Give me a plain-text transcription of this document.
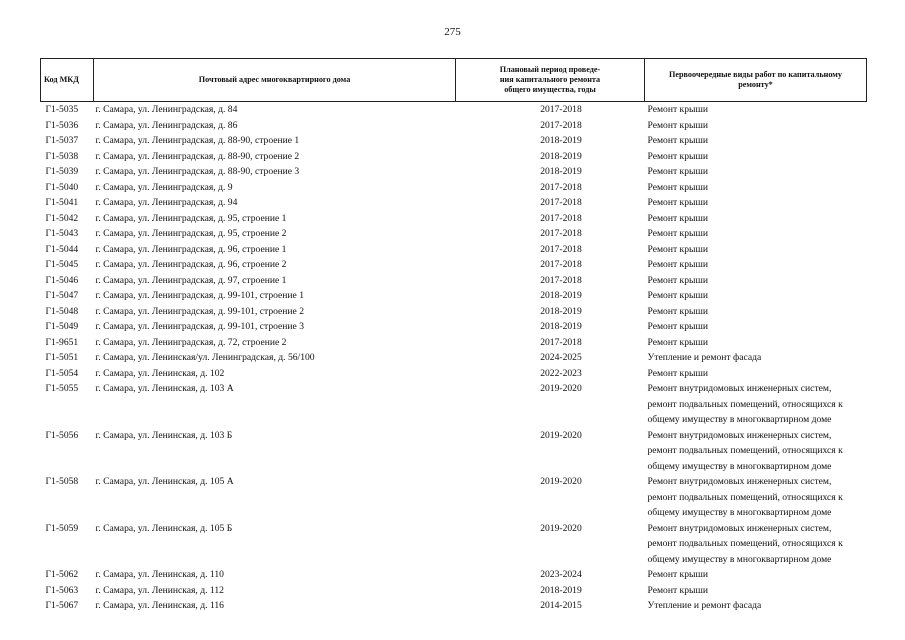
275
Код МКД	Почтовый адрес многоквартирного дома	Плановый период проведе-
ния капитального ремонта
общего имущества, годы	Первоочередные виды работ по капитальному
ремонту*
Г1-5035	г. Самара, ул. Ленинградская, д. 84	2017-2018	Ремонт крыши

Г1-5036	г. Самара, ул. Ленинградская, д. 86	2017-2018	Ремонт крыши

Г1-5037	г. Самара, ул. Ленинградская, д. 88-90, строение 1	2018-2019	Ремонт крыши

Г1-5038	г. Самара, ул. Ленинградская, д. 88-90, строение 2	2018-2019	Ремонт крыши

Г1-5039	г. Самара, ул. Ленинградская, д. 88-90, строение 3	2018-2019	Ремонт крыши

Г1-5040	г. Самара, ул. Ленинградская, д. 9	2017-2018	Ремонт крыши

Г1-5041	г. Самара, ул. Ленинградская, д. 94	2017-2018	Ремонт крыши

Г1-5042	г. Самара, ул. Ленинградская, д. 95, строение 1	2017-2018	Ремонт крыши

Г1-5043	г. Самара, ул. Ленинградская, д. 95, строение 2	2017-2018	Ремонт крыши

Г1-5044	г. Самара, ул. Ленинградская, д. 96, строение 1	2017-2018	Ремонт крыши

Г1-5045	г. Самара, ул. Ленинградская, д. 96, строение 2	2017-2018	Ремонт крыши

Г1-5046	г. Самара, ул. Ленинградская, д. 97, строение 1	2017-2018	Ремонт крыши

Г1-5047	г. Самара, ул. Ленинградская, д. 99-101, строение 1	2018-2019	Ремонт крыши

Г1-5048	г. Самара, ул. Ленинградская, д. 99-101, строение 2	2018-2019	Ремонт крыши

Г1-5049	г. Самара, ул. Ленинградская, д. 99-101, строение 3	2018-2019	Ремонт крыши

Г1-9651	г. Самара, ул. Ленинградская, д. 72, строение 2	2017-2018	Ремонт крыши

Г1-5051	г. Самара, ул. Ленинская/ул. Ленинградская, д. 56/100	2024-2025	Утепление и ремонт фасада

Г1-5054	г. Самара, ул. Ленинская, д. 102	2022-2023	Ремонт крыши

Г1-5055	г. Самара, ул. Ленинская, д. 103 А	2019-2020	Ремонт внутридомовых инженерных систем,
ремонт подвальных помещений, относящихся к
общему имуществу в многоквартирном доме

Г1-5056	г. Самара, ул. Ленинская, д. 103 Б	2019-2020	Ремонт внутридомовых инженерных систем,
ремонт подвальных помещений, относящихся к
общему имуществу в многоквартирном доме

Г1-5058	г. Самара, ул. Ленинская, д. 105 А	2019-2020	Ремонт внутридомовых инженерных систем,
ремонт подвальных помещений, относящихся к
общему имуществу в многоквартирном доме

Г1-5059	г. Самара, ул. Ленинская, д. 105 Б	2019-2020	Ремонт внутридомовых инженерных систем,
ремонт подвальных помещений, относящихся к
общему имуществу в многоквартирном доме

Г1-5062	г. Самара, ул. Ленинская, д. 110	2023-2024	Ремонт крыши

Г1-5063	г. Самара, ул. Ленинская, д. 112	2018-2019	Ремонт крыши

Г1-5067	г. Самара, ул. Ленинская, д. 116	2014-2015	Утепление и ремонт фасада
